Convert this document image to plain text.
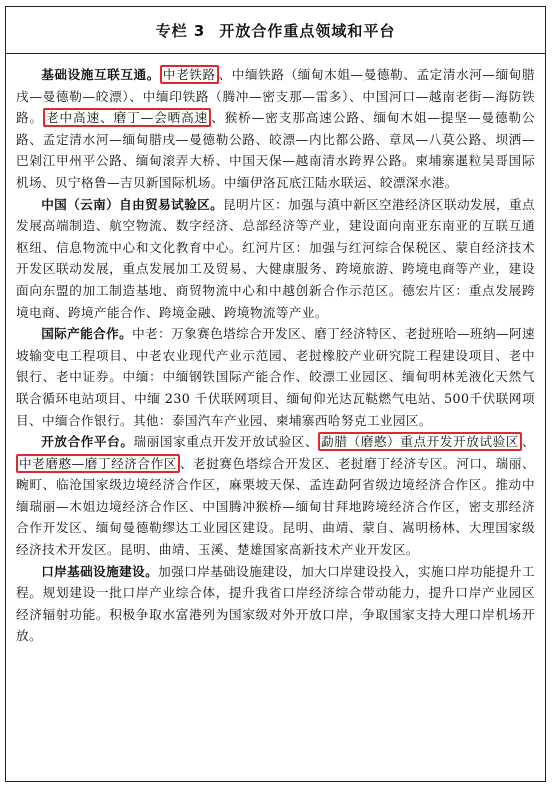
专栏 3 开放合作重点领域和平台

基础设施互联互通。 中老铁路 、中缅铁路（缅甸木姐—曼德勒、孟定清水河—缅甸腊戌—曼德勒—皎漂）、中缅印铁路（腾冲—密支那—雷多）、中国河口—越南老街—海防铁路。 老中高速、磨丁—会晒高速 、猴桥—密支那高速公路、缅甸木姐—提坚—曼德勒公路、孟定清水河—缅甸腊戌—曼德勒公路、皎漂—内比都公路、章凤—八莫公路、坝洒—巴剁江甲州平公路、缅甸滚弄大桥、中国天保—越南清水跨界公路。柬埔寨暹粒吴哥国际机场、贝宁格鲁—吉贝新国际机场。中缅伊洛瓦底江陆水联运、皎漂深水港。

中国（云南）自由贸易试验区。昆明片区：加强与滇中新区空港经济区联动发展，重点发展高端制造、航空物流、数字经济、总部经济等产业，建设面向南亚东南亚的互联互通枢纽、信息物流中心和文化教育中心。红河片区：加强与红河综合保税区、蒙自经济技术开发区联动发展，重点发展加工及贸易、大健康服务、跨境旅游、跨境电商等产业，建设面向东盟的加工制造基地、商贸物流中心和中越创新合作示范区。德宏片区：重点发展跨境电商、跨境产能合作、跨境金融、跨境物流等产业。

国际产能合作。中老：万象赛色塔综合开发区、磨丁经济特区、老挝班哈—班纳—阿速坡输变电工程项目、中老农业现代产业示范园、老挝橡胶产业研究院工程建设项目、老中银行、老中证券。中缅：中缅钢铁国际产能合作、皎漂工业园区、缅甸明林羌液化天然气联合循环电站项目、中缅 230 千伏联网项目、缅甸仰光达瓦鞑燃气电站、500千伏联网项目、中缅合作银行。其他：泰国汽车产业园、柬埔寨西哈努克工业园区。

开放合作平台。瑞丽国家重点开发开放试验区、 勐腊（磨憨）重点开发开放试验区 、中老磨憨—磨丁经济合作区 、老挝赛色塔综合开发区、老挝磨丁经济专区。河口、瑞丽、畹町、临沧国家级边境经济合作区，麻栗坡天保、孟连勐阿省级边境经济合作区。推动中缅瑞丽—木姐边境经济合作区、中国腾冲猴桥—缅甸甘拜地跨境经济合作区，密支那经济合作开发区、缅甸曼德勒缪达工业园区建设。昆明、曲靖、蒙自、嵩明杨林、大理国家级经济技术开发区。昆明、曲靖、玉溪、楚雄国家高新技术产业开发区。

口岸基础设施建设。加强口岸基础设施建设，加大口岸建设投入，实施口岸功能提升工程。规划建设一批口岸产业综合体，提升我省口岸经济综合带动能力，提升口岸产业园区经济辐射功能。积极争取水富港列为国家级对外开放口岸，争取国家支持大理口岸机场开放。
